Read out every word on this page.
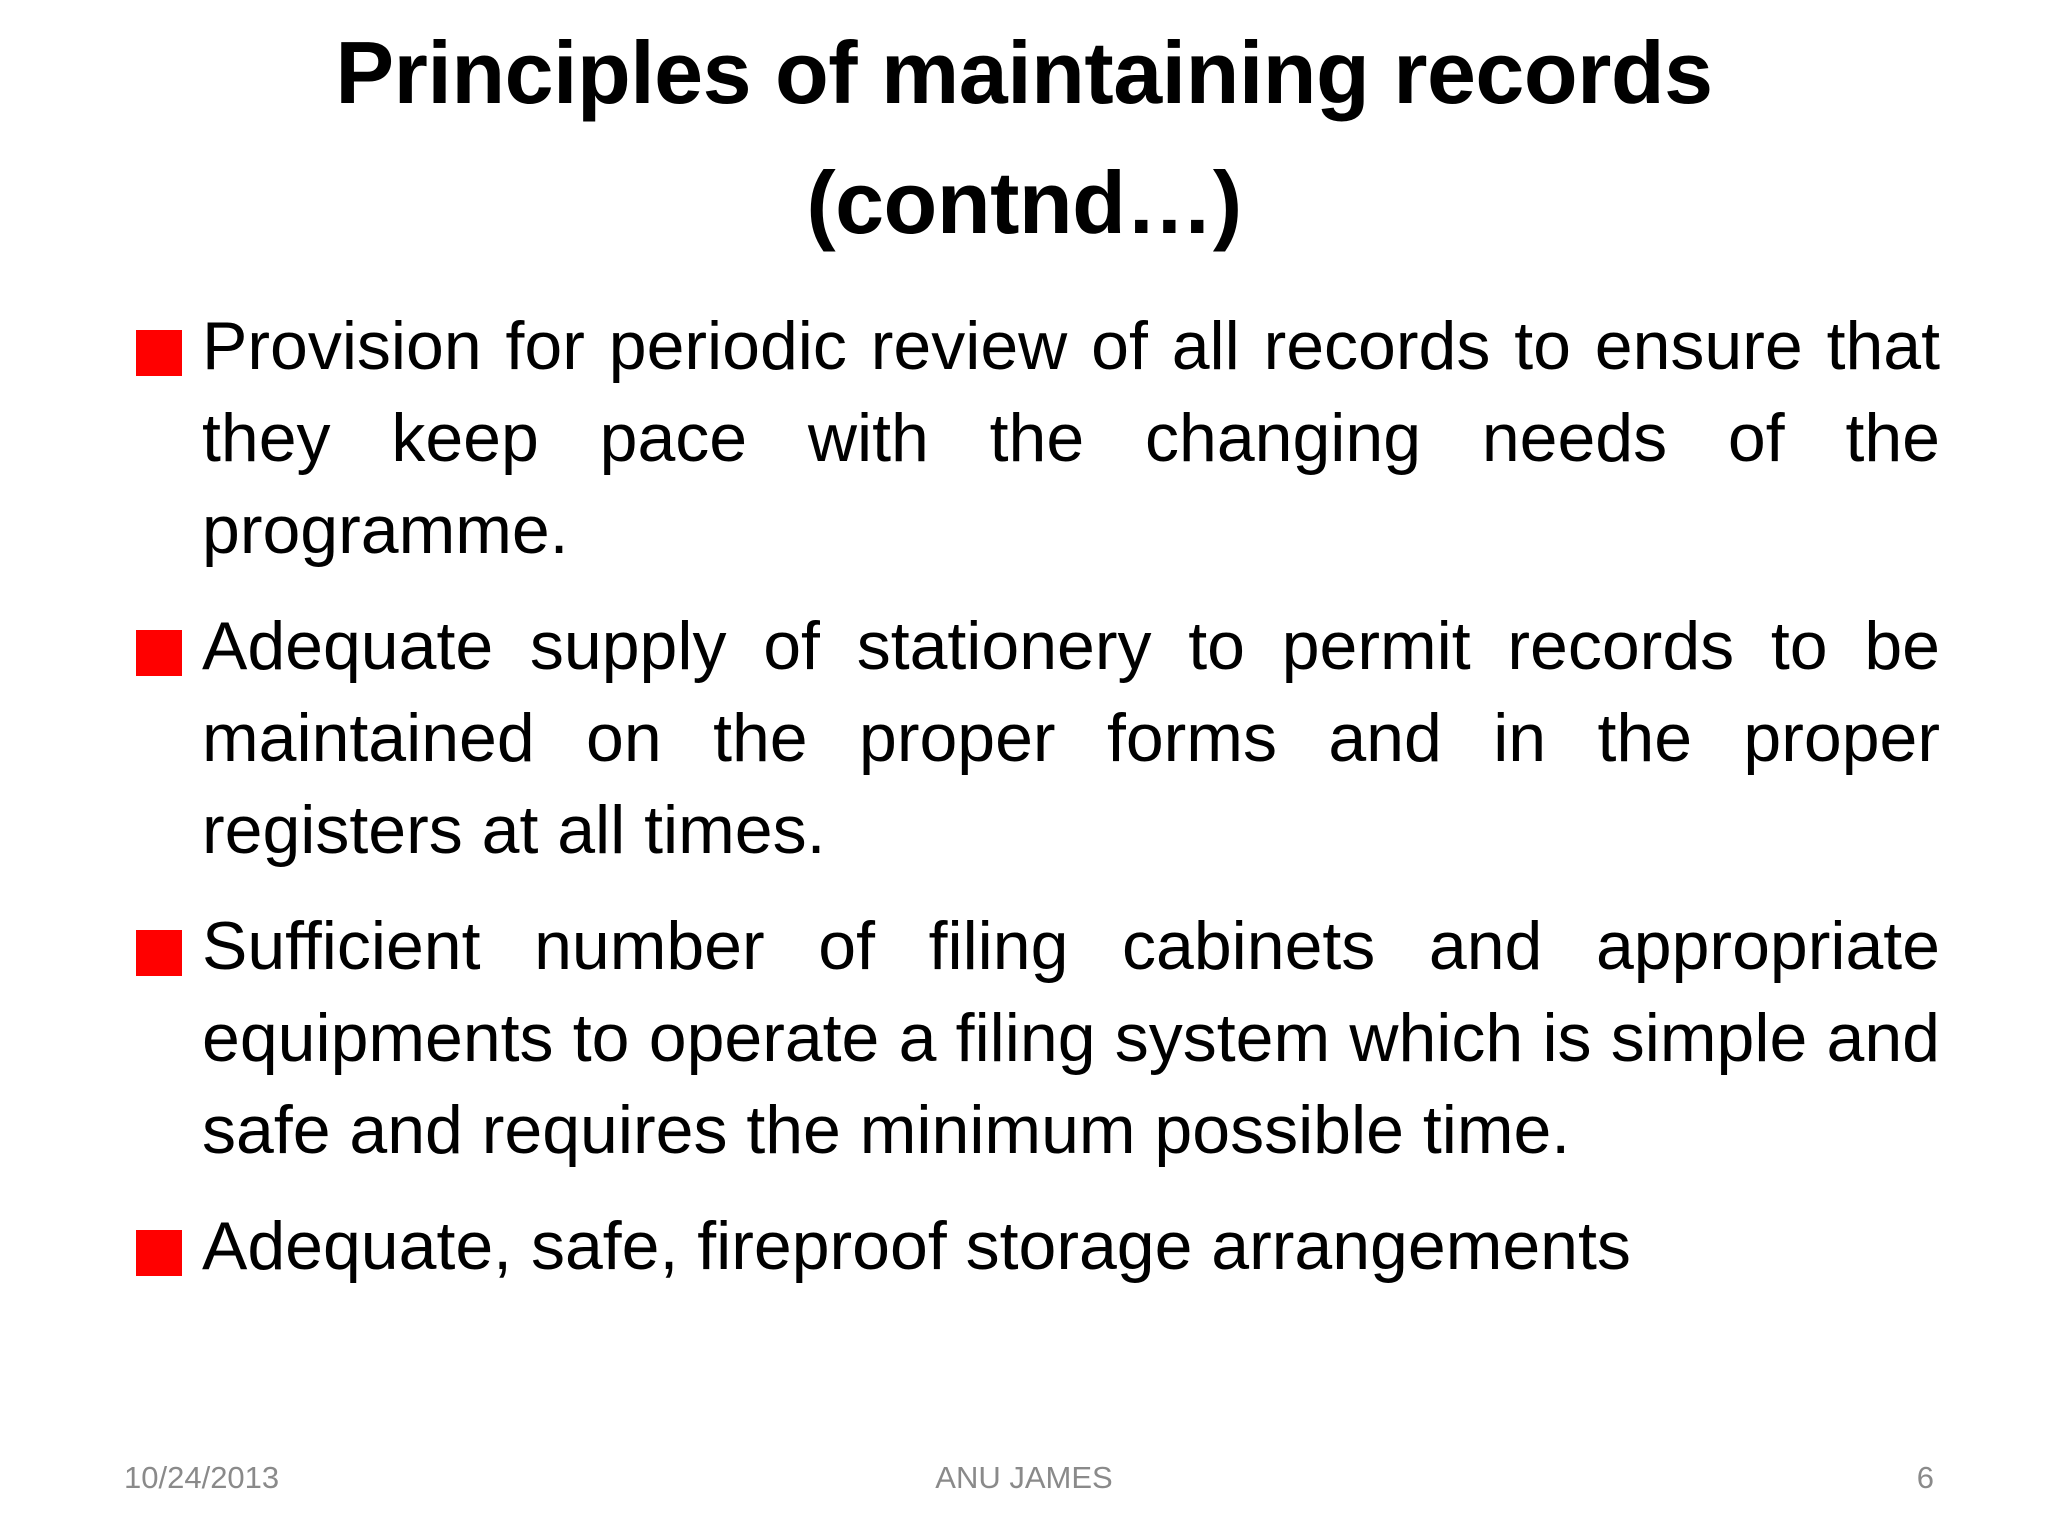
Principles of maintaining records
(contnd…)
Provision for periodic review of all records to ensure that they keep pace with the changing needs of the programme.
Adequate supply of stationery to permit records to be maintained on the proper forms and in the proper registers at all times.
Sufficient number of filing cabinets and appropriate equipments to operate a filing system which is simple and safe and requires the minimum possible time.
Adequate, safe, fireproof storage arrangements
10/24/2013	ANU JAMES	6
